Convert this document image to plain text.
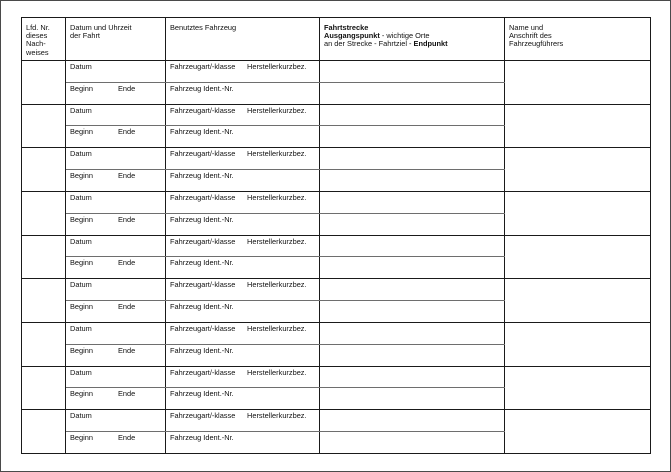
Lfd. Nr.
dieses
Nach-
weises	Datum und Uhrzeit
der Fahrt	Benutztes Fahrzeug	Fahrtstrecke
Ausgangspunkt - wichtige Orte
an der Strecke - Fahrtziel - Endpunkt	Name und
Anschrift des
Fahrzeugführers

	Datum	Fahrzeugart/-klasse Herstellerkurzbez.		

	Beginn Ende	Fahrzeug Ident.-Nr.		

	Datum	Fahrzeugart/-klasse Herstellerkurzbez.		

	Beginn Ende	Fahrzeug Ident.-Nr.		

	Datum	Fahrzeugart/-klasse Herstellerkurzbez.		

	Beginn Ende	Fahrzeug Ident.-Nr.		

	Datum	Fahrzeugart/-klasse Herstellerkurzbez.		

	Beginn Ende	Fahrzeug Ident.-Nr.		

	Datum	Fahrzeugart/-klasse Herstellerkurzbez.		

	Beginn Ende	Fahrzeug Ident.-Nr.		

	Datum	Fahrzeugart/-klasse Herstellerkurzbez.		

	Beginn Ende	Fahrzeug Ident.-Nr.		

	Datum	Fahrzeugart/-klasse Herstellerkurzbez.		

	Beginn Ende	Fahrzeug Ident.-Nr.		

	Datum	Fahrzeugart/-klasse Herstellerkurzbez.		

	Beginn Ende	Fahrzeug Ident.-Nr.		

	Datum	Fahrzeugart/-klasse Herstellerkurzbez.		

	Beginn Ende	Fahrzeug Ident.-Nr.		
